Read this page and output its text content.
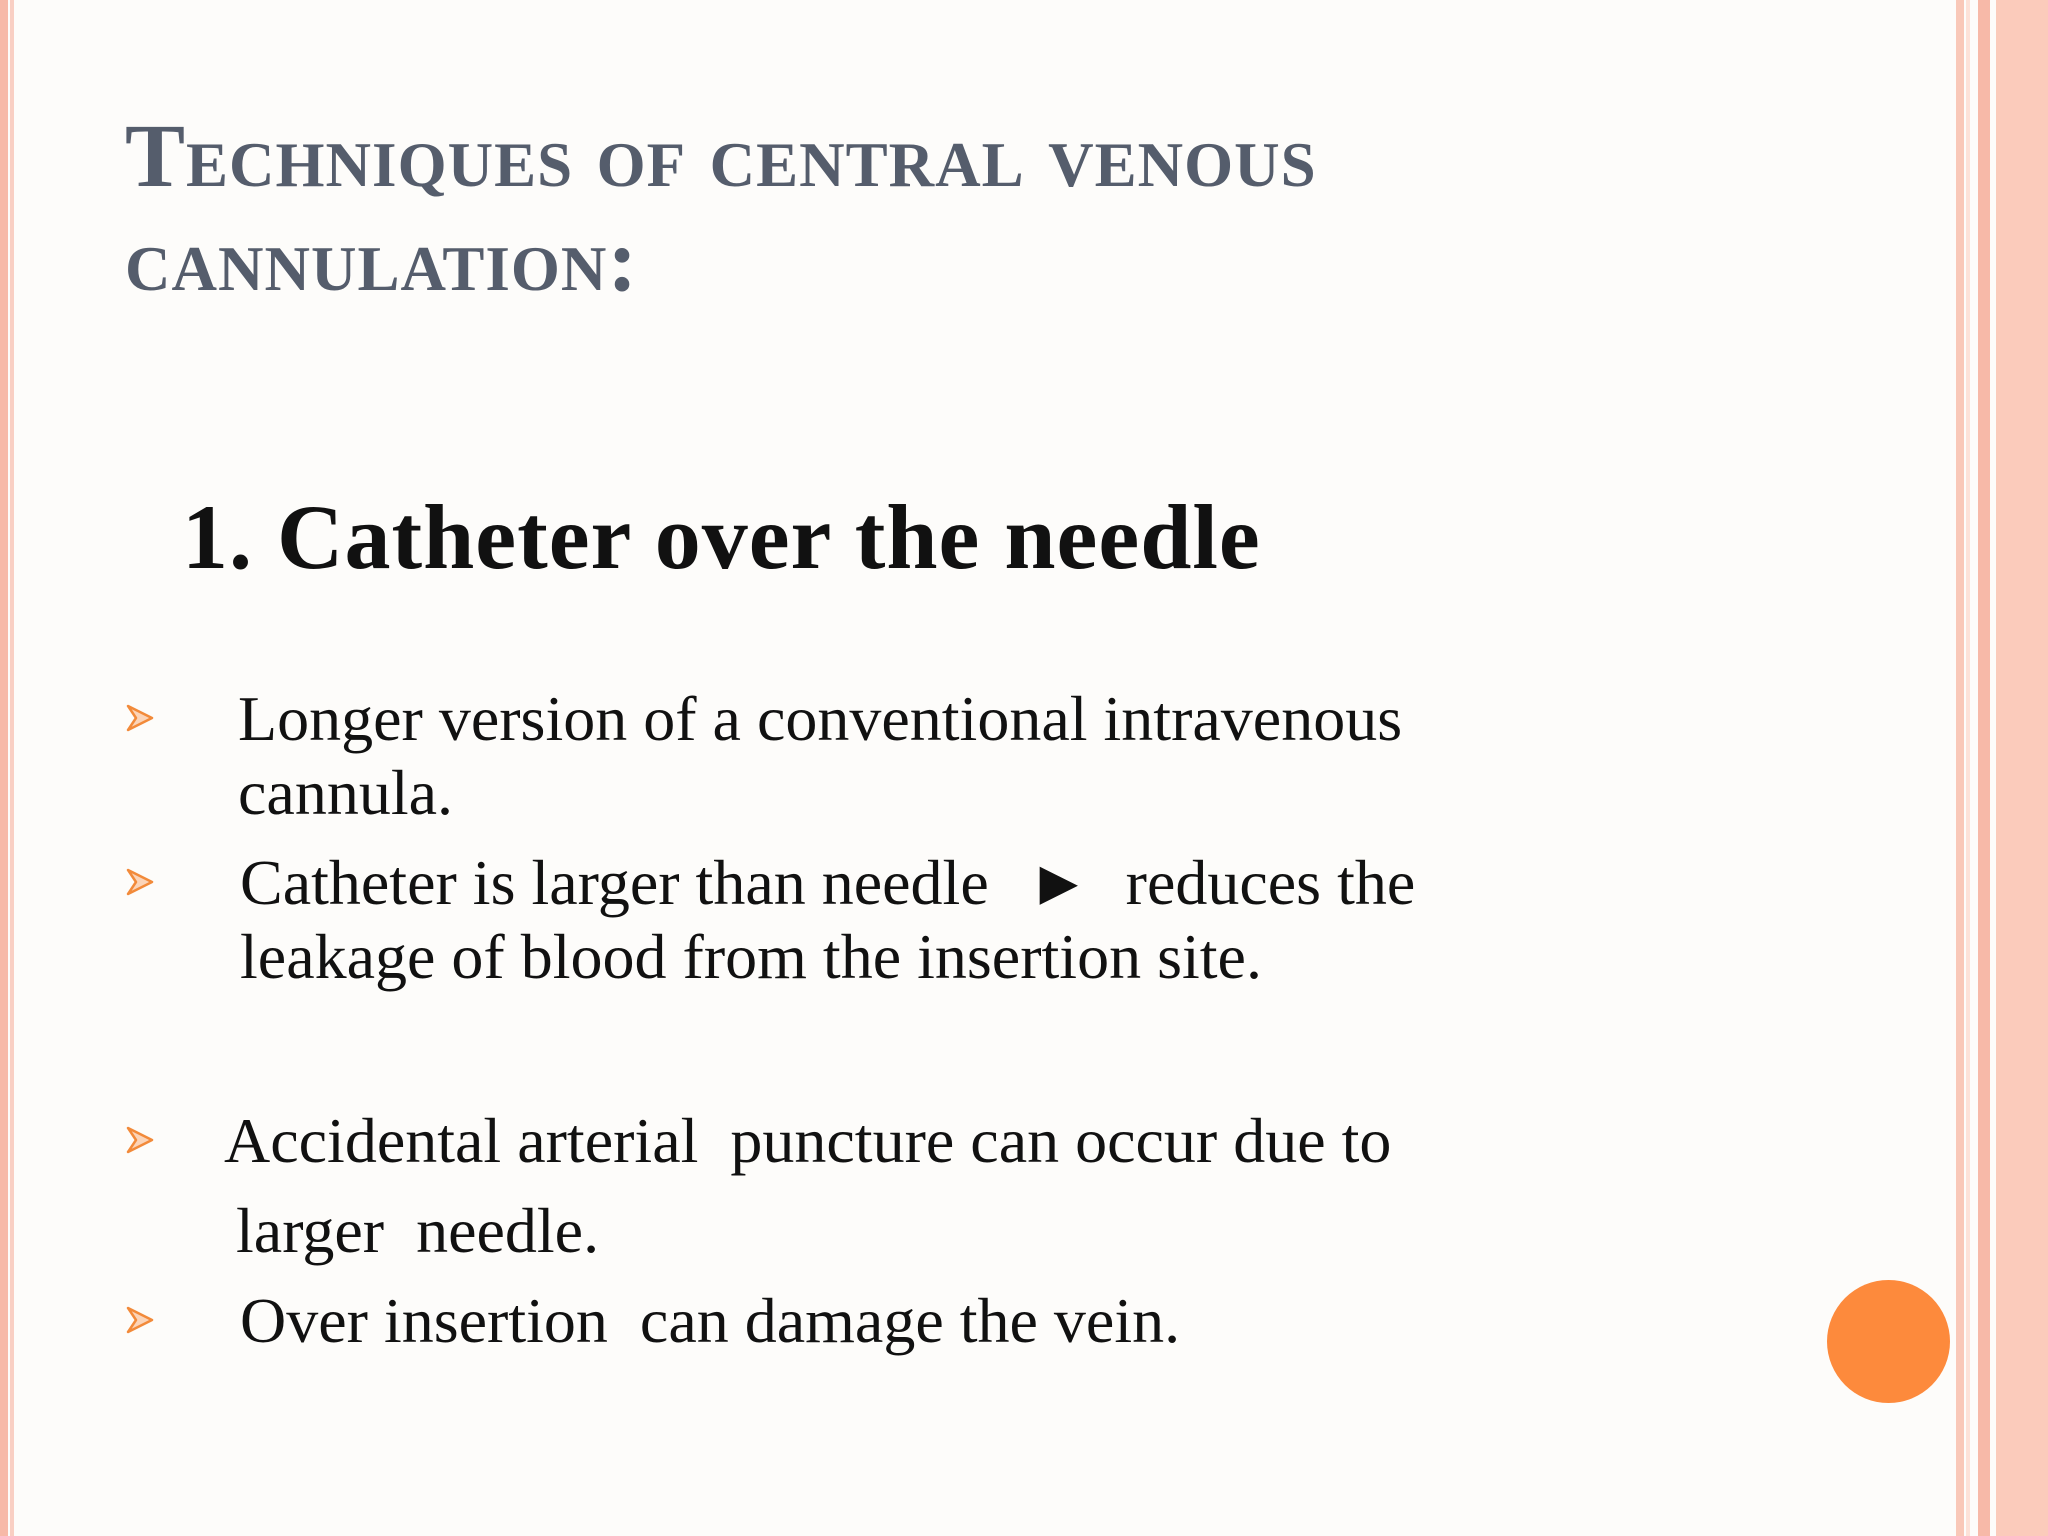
Techniques of central venous cannulation:
1. Catheter over the needle
Longer version of a conventional intravenous
cannula.
Catheter is larger than needle ► reduces the
leakage of blood from the insertion site.
Accidental arterial  puncture can occur due to
larger  needle.
Over insertion  can damage the vein.
